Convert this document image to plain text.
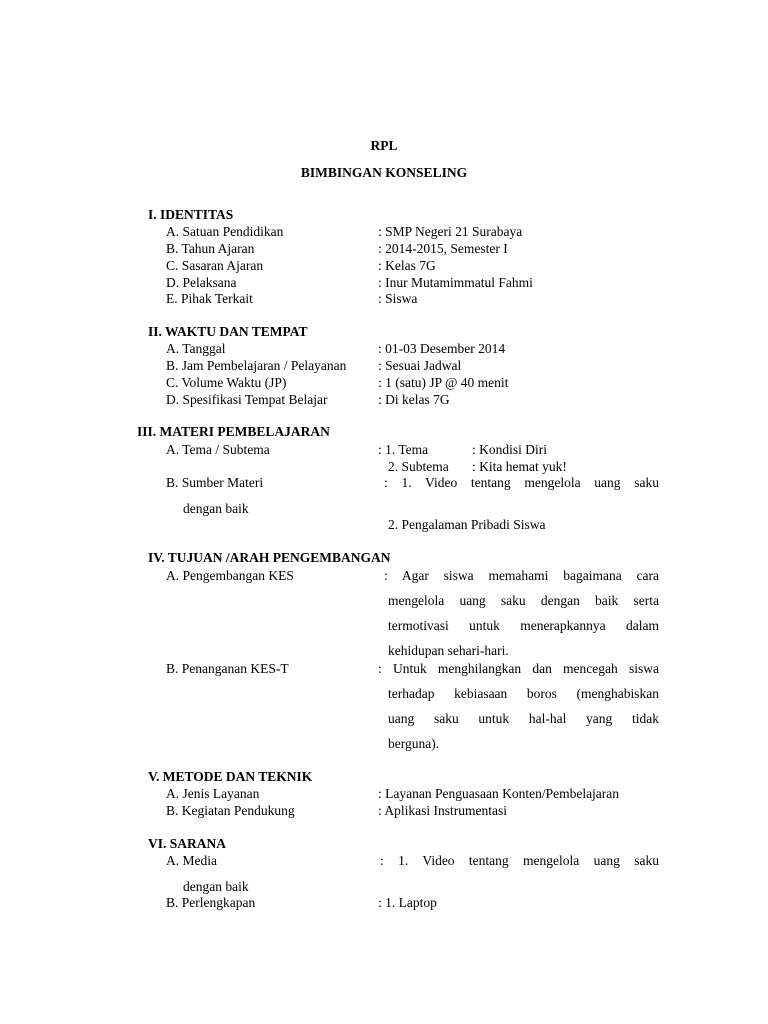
RPL
BIMBINGAN KONSELING
I. IDENTITAS
A. Satuan Pendidikan	: SMP Negeri 21 Surabaya
B. Tahun Ajaran	: 2014-2015, Semester I
C. Sasaran Ajaran	: Kelas 7G
D. Pelaksana	: Inur Mutamimmatul Fahmi
E. Pihak Terkait	: Siswa
II. WAKTU DAN TEMPAT
A. Tanggal	: 01-03 Desember 2014
B. Jam Pembelajaran / Pelayanan : Sesuai Jadwal
C. Volume Waktu (JP)	: 1 (satu) JP @ 40 menit
D. Spesifikasi Tempat Belajar	: Di kelas 7G
III. MATERI PEMBELAJARAN
A. Tema / Subtema	: 1. Tema	: Kondisi Diri
2. Subtema : Kita hemat yuk!
B. Sumber Materi	: 1. Video tentang mengelola uang saku
dengan baik
2. Pengalaman Pribadi Siswa
IV. TUJUAN /ARAH PENGEMBANGAN
A. Pengembangan KES	: Agar siswa memahami bagaimana cara
mengelola uang saku dengan baik serta
termotivasi untuk menerapkannya dalam
kehidupan sehari-hari.
B. Penanganan KES-T	: Untuk menghilangkan dan mencegah siswa
terhadap kebiasaan boros (menghabiskan
uang saku untuk hal-hal yang tidak
berguna).
V. METODE DAN TEKNIK
A. Jenis Layanan	: Layanan Penguasaan Konten/Pembelajaran
B. Kegiatan Pendukung	: Aplikasi Instrumentasi
VI. SARANA
A. Media	: 1. Video tentang mengelola uang saku
dengan baik
B. Perlengkapan	: 1. Laptop
